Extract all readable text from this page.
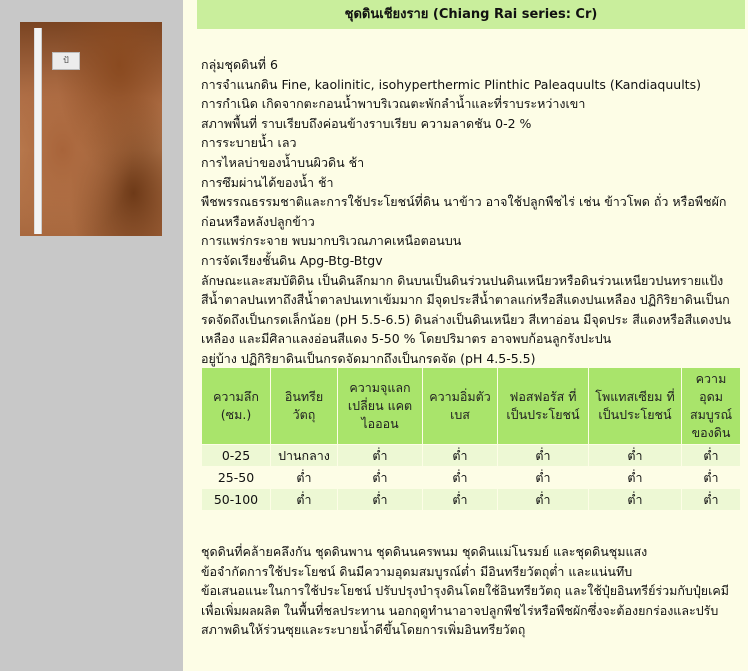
ปั
ชุดดินเชียงราย (Chiang Rai series: Cr)

กลุ่มชุดดินที่ 6

การจำแนกดิน Fine, kaolinitic, isohyperthermic Plinthic Paleaquults (Kandiaquults)

การกำเนิด เกิดจากตะกอนน้ำพาบริเวณตะพักลำน้ำและที่ราบระหว่างเขา

สภาพพื้นที่ ราบเรียบถึงค่อนข้างราบเรียบ ความลาดชัน 0-2 %

การระบายน้ำ เลว

การไหลบ่าของน้ำบนผิวดิน ช้า

การซึมผ่านได้ของน้ำ ช้า

พืชพรรณธรรมชาติและการใช้ประโยชน์ที่ดิน นาข้าว อาจใช้ปลูกพืชไร่ เช่น ข้าวโพด ถั่ว หรือพืชผัก

ก่อนหรือหลังปลูกข้าว

การแพร่กระจาย พบมากบริเวณภาคเหนือตอนบน

การจัดเรียงชั้นดิน Apg-Btg-Btgv

ลักษณะและสมบัติดิน เป็นดินลึกมาก ดินบนเป็นดินร่วนปนดินเหนียวหรือดินร่วนเหนียวปนทรายแป้ง

สีน้ำตาลปนเทาถึงสีน้ำตาลปนเทาเข้มมาก มีจุดประสีน้ำตาลแก่หรือสีแดงปนเหลือง ปฏิกิริยาดินเป็นก

รดจัดถึงเป็นกรดเล็กน้อย (pH 5.5-6.5) ดินล่างเป็นดินเหนียว สีเทาอ่อน มีจุดประ สีแดงหรือสีแดงปน

เหลือง และมีศิลาแลงอ่อนสีแดง 5-50 % โดยปริมาตร อาจพบก้อนลูกรังปะปน

อยู่บ้าง ปฏิกิริยาดินเป็นกรดจัดมากถึงเป็นกรดจัด (pH 4.5-5.5)

ความลึก (ซม.)	อินทรีย วัตถุ	ความจุแลก เปลี่ยน แคตไอออน	ความอิ่มตัว เบส	ฟอสฟอรัส ที่เป็นประโยชน์	โพแทสเซียม ที่เป็นประโยชน์	ความอุดม สมบูรณ์ ของดิน
0-25	ปานกลาง	ต่ำ	ต่ำ	ต่ำ	ต่ำ	ต่ำ
25-50	ต่ำ	ต่ำ	ต่ำ	ต่ำ	ต่ำ	ต่ำ
50-100	ต่ำ	ต่ำ	ต่ำ	ต่ำ	ต่ำ	ต่ำ

ชุดดินที่คล้ายคลึงกัน ชุดดินพาน ชุดดินนครพนม ชุดดินแม่โนรมย์ และชุดดินชุมแสง

ข้อจำกัดการใช้ประโยชน์ ดินมีความอุดมสมบูรณ์ต่ำ มีอินทรียวัตถุต่ำ และแน่นทึบ

ข้อเสนอแนะในการใช้ประโยชน์ ปรับปรุงบำรุงดินโดยใช้อินทรียวัตถุ และใช้ปุ๋ยอินทรีย์ร่วมกับปุ๋ยเคมี

เพื่อเพิ่มผลผลิต ในพื้นที่ชลประทาน นอกฤดูทำนาอาจปลูกพืชไร่หรือพืชผักซึ่งจะต้องยกร่องและปรับ

สภาพดินให้ร่วนซุยและระบายน้ำดีขึ้นโดยการเพิ่มอินทรียวัตถุ
